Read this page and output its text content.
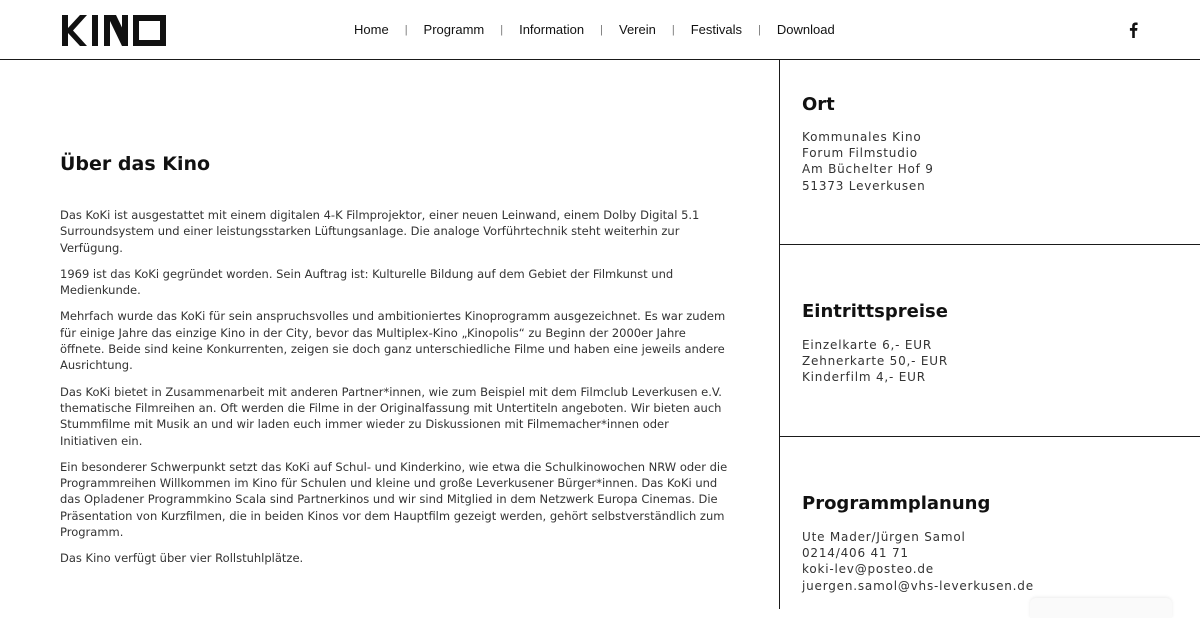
Home | Programm | Information | Verein | Festivals | Download
Über das Kino

Das KoKi ist ausgestattet mit einem digitalen 4-K Filmprojektor, einer neuen Leinwand, einem Dolby Digital 5.1 Surroundsystem und einer leistungsstarken Lüftungsanlage. Die analoge Vorführtechnik steht weiterhin zur Verfügung.

1969 ist das KoKi gegründet worden. Sein Auftrag ist: Kulturelle Bildung auf dem Gebiet der Filmkunst und Medienkunde.

Mehrfach wurde das KoKi für sein anspruchsvolles und ambitioniertes Kinoprogramm ausgezeichnet. Es war zudem für einige Jahre das einzige Kino in der City, bevor das Multiplex-Kino „Kinopolis“ zu Beginn der 2000er Jahre öffnete. Beide sind keine Konkurrenten, zeigen sie doch ganz unterschiedliche Filme und haben eine jeweils andere Ausrichtung.

Das KoKi bietet in Zusammenarbeit mit anderen Partner*innen, wie zum Beispiel mit dem Filmclub Leverkusen e.V. thematische Filmreihen an. Oft werden die Filme in der Originalfassung mit Untertiteln angeboten. Wir bieten auch Stummfilme mit Musik an und wir laden euch immer wieder zu Diskussionen mit Filmemacher*innen oder Initiativen ein.

Ein besonderer Schwerpunkt setzt das KoKi auf Schul- und Kinderkino, wie etwa die Schulkinowochen NRW oder die Programmreihen Willkommen im Kino für Schulen und kleine und große Leverkusener Bürger*innen. Das KoKi und das Opladener Programmkino Scala sind Partnerkinos und wir sind Mitglied in dem Netzwerk Europa Cinemas. Die Präsentation von Kurzfilmen, die in beiden Kinos vor dem Hauptfilm gezeigt werden, gehört selbstverständlich zum Programm.

Das Kino verfügt über vier Rollstuhlplätze.

Ort
Kommunales Kino
Forum Filmstudio
Am Büchelter Hof 9
51373 Leverkusen
Eintrittspreise
Einzelkarte 6,- EUR
Zehnerkarte 50,- EUR
Kinderfilm 4,- EUR
Programmplanung
Ute Mader/Jürgen Samol
0214/406 41 71
koki-lev@posteo.de
juergen.samol@vhs-leverkusen.de
